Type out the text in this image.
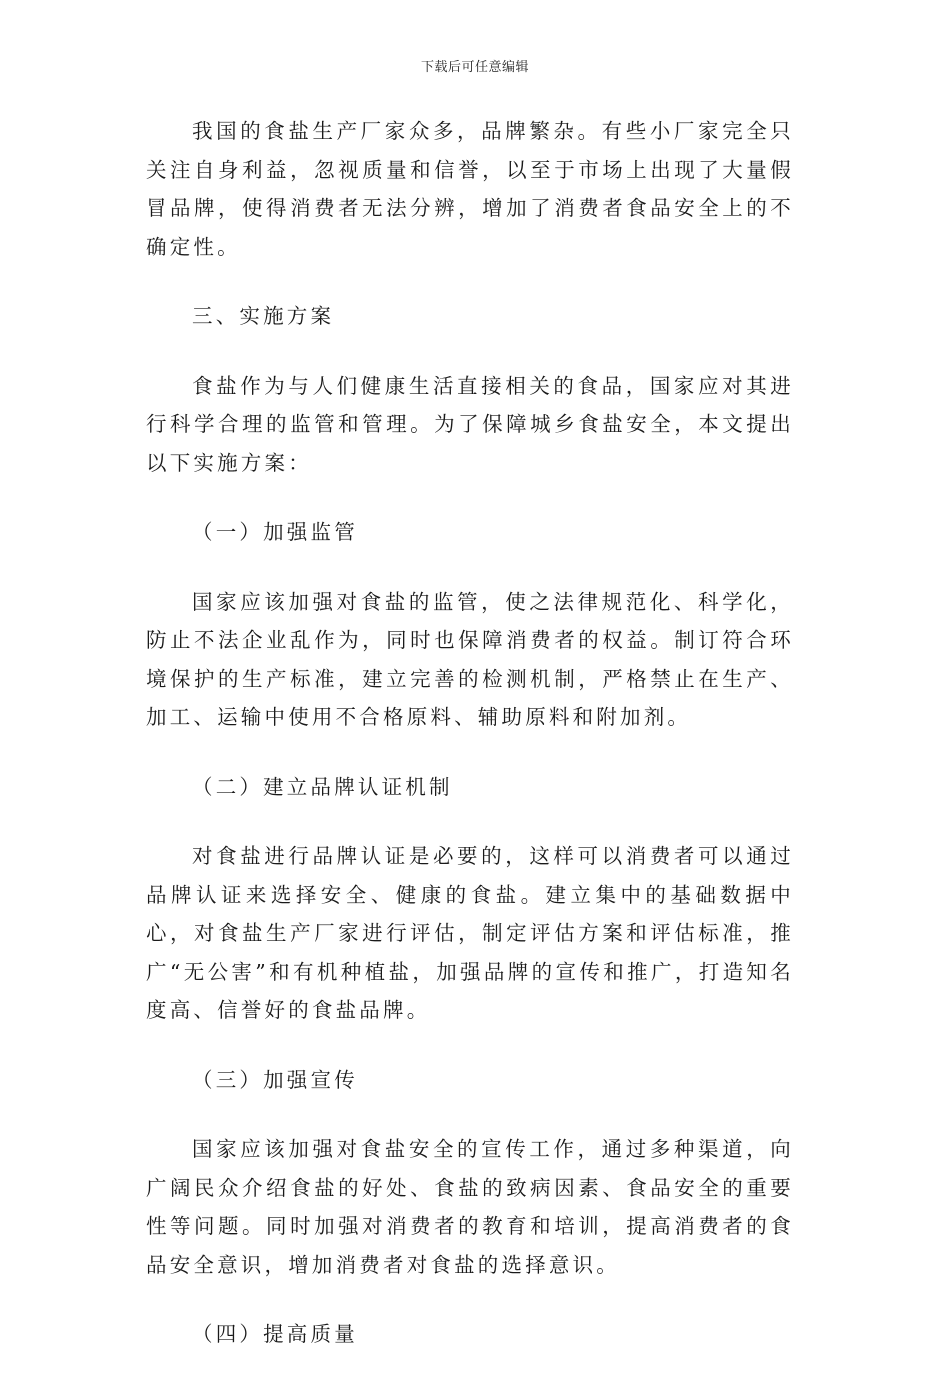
下载后可任意编辑

我国的食盐生产厂家众多，品牌繁杂。有些小厂家完全只关注自身利益，忽视质量和信誉，以至于市场上出现了大量假冒品牌，使得消费者无法分辨，增加了消费者食品安全上的不确定性。

三、实施方案

食盐作为与人们健康生活直接相关的食品，国家应对其进行科学合理的监管和管理。为了保障城乡食盐安全，本文提出以下实施方案：

（一）加强监管

国家应该加强对食盐的监管，使之法律规范化、科学化，防止不法企业乱作为，同时也保障消费者的权益。制订符合环境保护的生产标准，建立完善的检测机制，严格禁止在生产、加工、运输中使用不合格原料、辅助原料和附加剂。

（二）建立品牌认证机制

对食盐进行品牌认证是必要的，这样可以消费者可以通过品牌认证来选择安全、健康的食盐。建立集中的基础数据中心，对食盐生产厂家进行评估，制定评估方案和评估标准，推广“无公害”和有机种植盐，加强品牌的宣传和推广，打造知名度高、信誉好的食盐品牌。

（三）加强宣传

国家应该加强对食盐安全的宣传工作，通过多种渠道，向广阔民众介绍食盐的好处、食盐的致病因素、食品安全的重要性等问题。同时加强对消费者的教育和培训，提高消费者的食品安全意识，增加消费者对食盐的选择意识。

（四）提高质量
